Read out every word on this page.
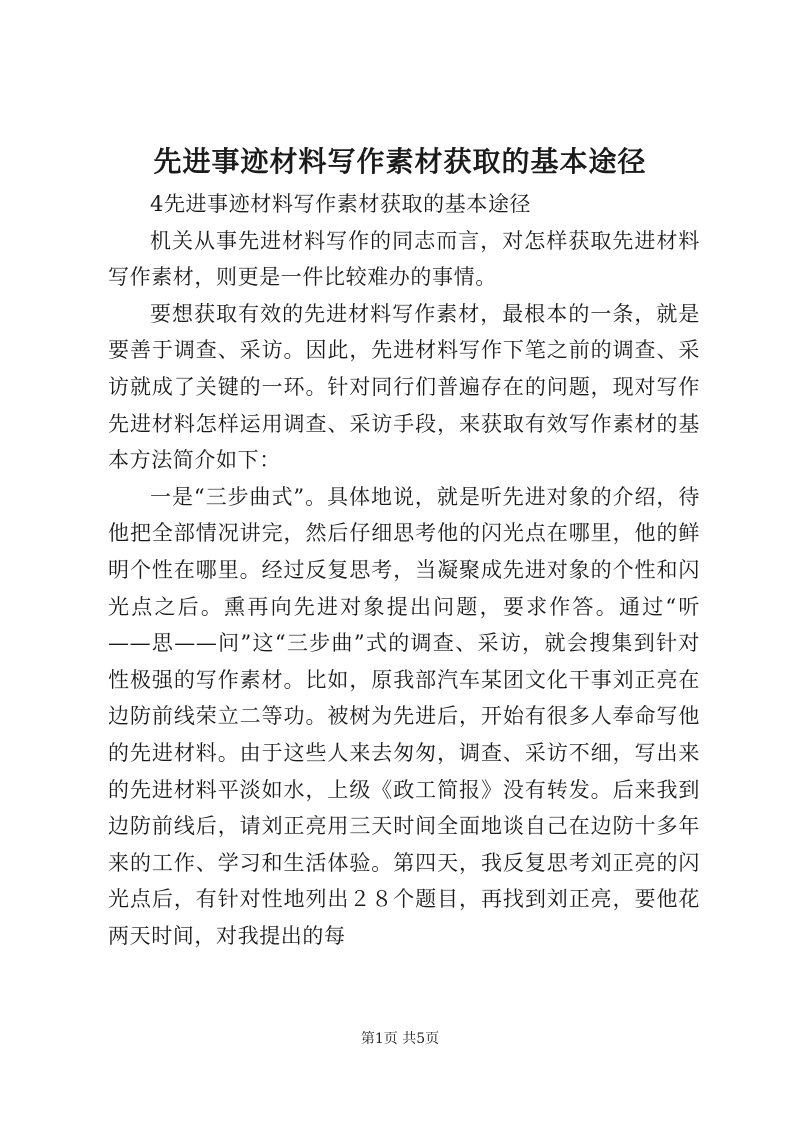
先进事迹材料写作素材获取的基本途径

4先进事迹材料写作素材获取的基本途径

机关从事先进材料写作的同志而言，对怎样获取先进材料写作素材，则更是一件比较难办的事情。

要想获取有效的先进材料写作素材，最根本的一条，就是要善于调查、采访。因此，先进材料写作下笔之前的调查、采访就成了关键的一环。针对同行们普遍存在的问题，现对写作先进材料怎样运用调查、采访手段，来获取有效写作素材的基本方法简介如下：

一是“三步曲式”。具体地说，就是听先进对象的介绍，待他把全部情况讲完，然后仔细思考他的闪光点在哪里，他的鲜明个性在哪里。经过反复思考，当凝聚成先进对象的个性和闪光点之后。熏再向先进对象提出问题，要求作答。通过“听——思——问”这“三步曲”式的调查、采访，就会搜集到针对性极强的写作素材。比如，原我部汽车某团文化干事刘正亮在边防前线荣立二等功。被树为先进后，开始有很多人奉命写他的先进材料。由于这些人来去匆匆，调查、采访不细，写出来的先进材料平淡如水，上级《政工简报》没有转发。后来我到边防前线后，请刘正亮用三天时间全面地谈自己在边防十多年来的工作、学习和生活体验。第四天，我反复思考刘正亮的闪光点后，有针对性地列出２８个题目，再找到刘正亮，要他花两天时间，对我提出的每

第1页 共5页
